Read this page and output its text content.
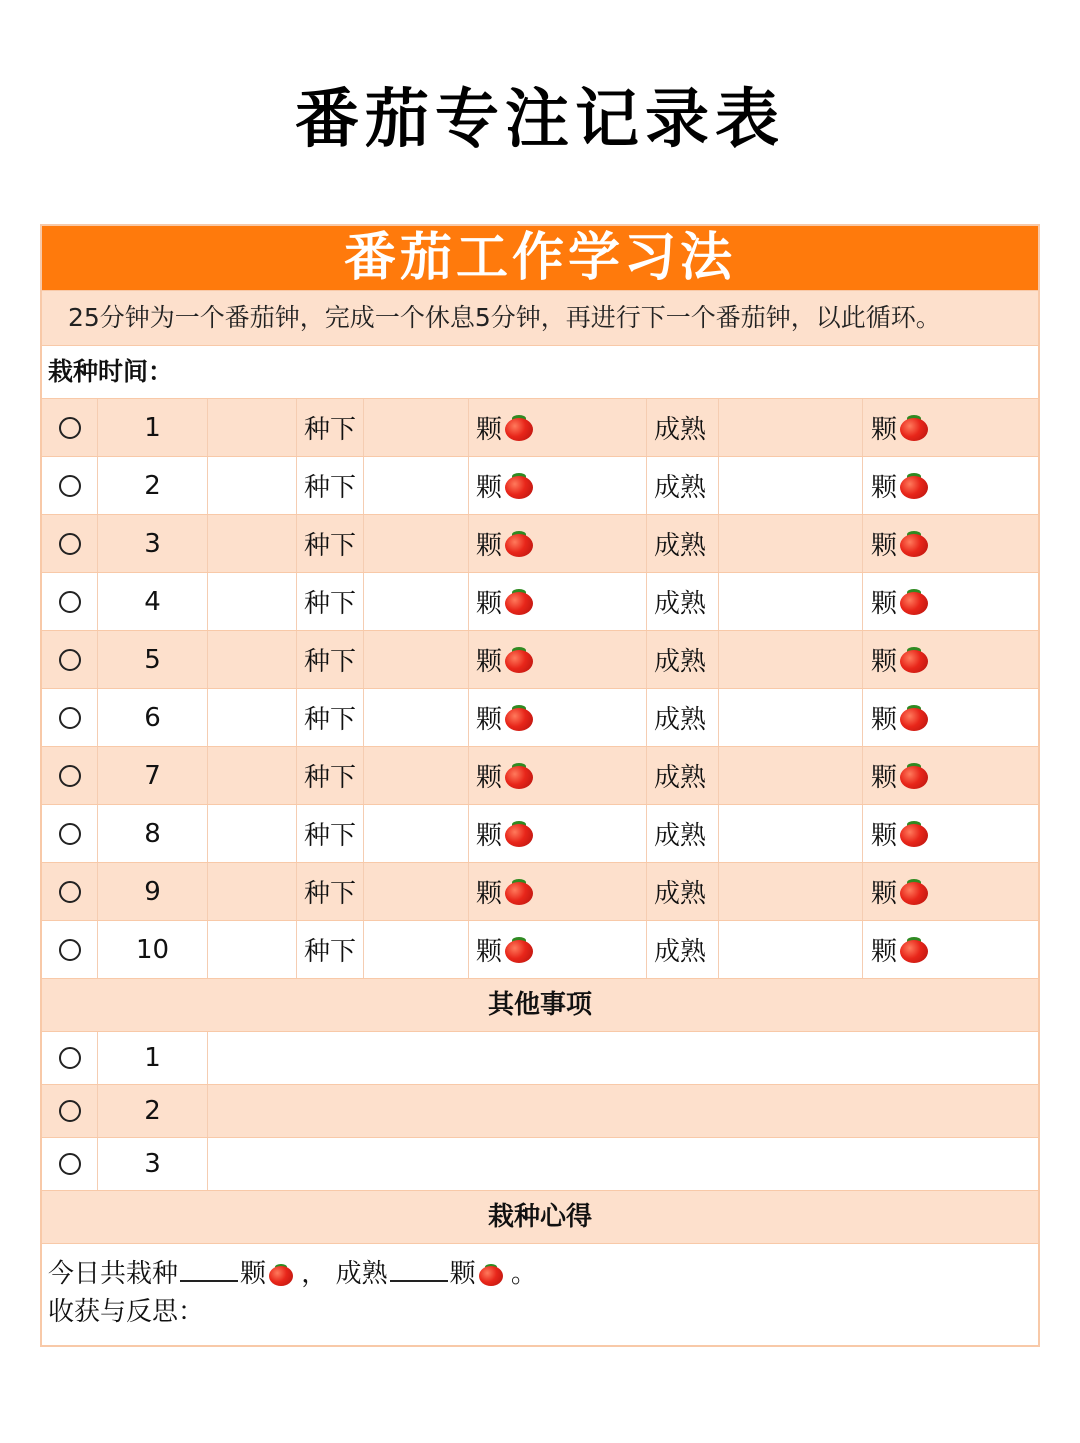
番茄专注记录表
番茄工作学习法
25分钟为一个番茄钟，完成一个休息5分钟，再进行下一个番茄钟，以此循环。
栽种时间：
1	种下	颗	成熟	颗
2	种下	颗	成熟	颗
3	种下	颗	成熟	颗
4	种下	颗	成熟	颗
5	种下	颗	成熟	颗
6	种下	颗	成熟	颗
7	种下	颗	成熟	颗
8	种下	颗	成熟	颗
9	种下	颗	成熟	颗
10	种下	颗	成熟	颗
其他事项
1
2
3
栽种心得
今日共栽种 颗 ， 成熟 颗 。
收获与反思：
